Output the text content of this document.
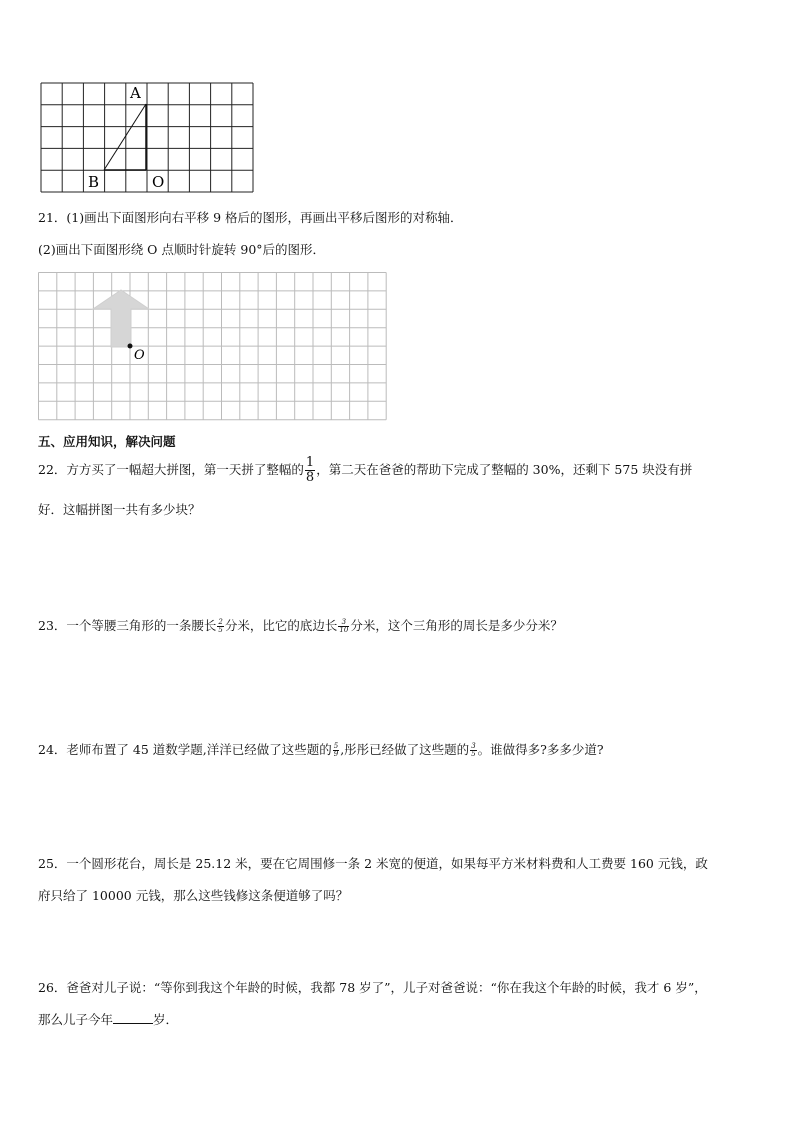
A
B	O
21．(1)画出下面图形向右平移 9 格后的图形，再画出平移后图形的对称轴．
(2)画出下面图形绕 O 点顺时针旋转 90°后的图形．
O
五、应用知识，解决问题
22．方方买了一幅超大拼图，第一天拼了整幅的 $\frac{1}{8}$ ，第二天在爸爸的帮助下完成了整幅的 30%，还剩下 575 块没有拼
好．这幅拼图一共有多少块？
23．一个等腰三角形的一条腰长 $\frac{2}{5}$ 分米，比它的底边长 $\frac{3}{10}$ 分米，这个三角形的周长是多少分米？
24．老师布置了 45 道数学题,洋洋已经做了这些题的 $\frac{5}{9}$ ,彤彤已经做了这些题的 $\frac{3}{5}$ 。谁做得多?多多少道?
25．一个圆形花台，周长是 25.12 米，要在它周围修一条 2 米宽的便道，如果每平方米材料费和人工费要 160 元钱，政
府只给了 10000 元钱，那么这些钱修这条便道够了吗？
26．爸爸对儿子说：“等你到我这个年龄的时候，我都 78 岁了”，儿子对爸爸说：“你在我这个年龄的时候，我才 6 岁”，
那么儿子今年	岁．
